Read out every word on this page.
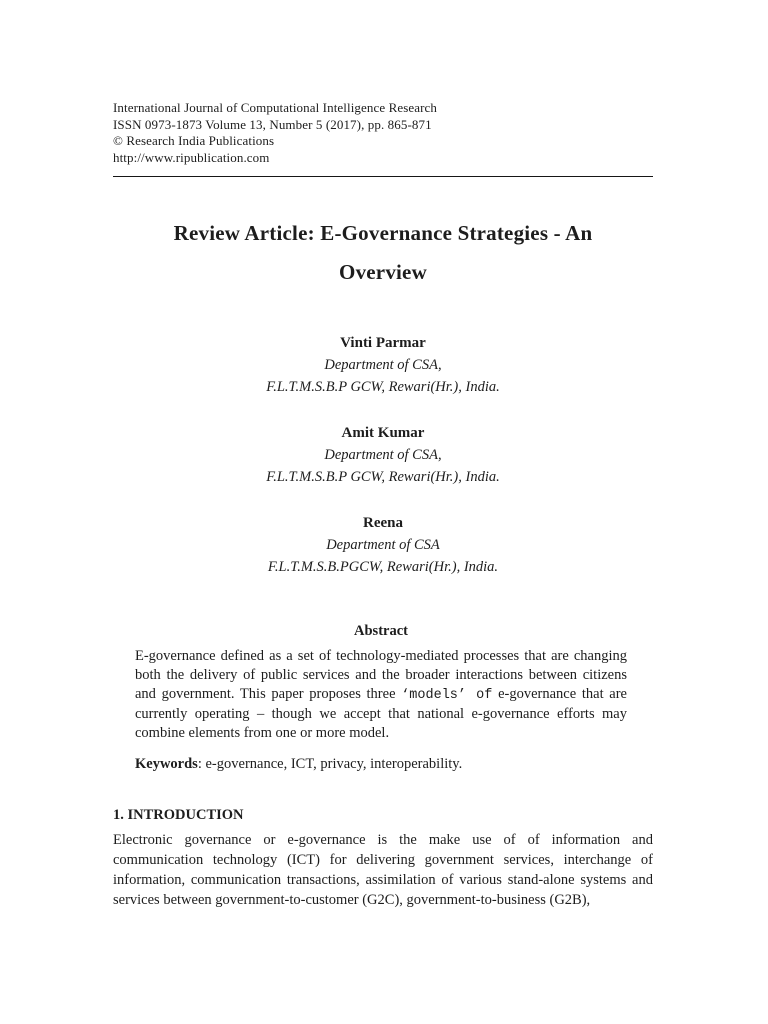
International Journal of Computational Intelligence Research
ISSN 0973-1873 Volume 13, Number 5 (2017), pp. 865-871
© Research India Publications
http://www.ripublication.com
Review Article: E-Governance Strategies - An
Overview
Vinti Parmar
Department of CSA,
F.L.T.M.S.B.P GCW, Rewari(Hr.), India.
Amit Kumar
Department of CSA,
F.L.T.M.S.B.P GCW, Rewari(Hr.), India.
Reena
Department of CSA
F.L.T.M.S.B.PGCW, Rewari(Hr.), India.
Abstract

E-governance defined as a set of technology-mediated processes that are changing both the delivery of public services and the broader interactions between citizens and government. This paper proposes three ‘models’ of e-governance that are currently operating – though we accept that national e-governance efforts may combine elements from one or more model.

Keywords: e-governance, ICT, privacy, interoperability.

1. INTRODUCTION

Electronic governance or e-governance is the make use of of information and communication technology (ICT) for delivering government services, interchange of information, communication transactions, assimilation of various stand-alone systems and services between government-to-customer (G2C), government-to-business (G2B),
